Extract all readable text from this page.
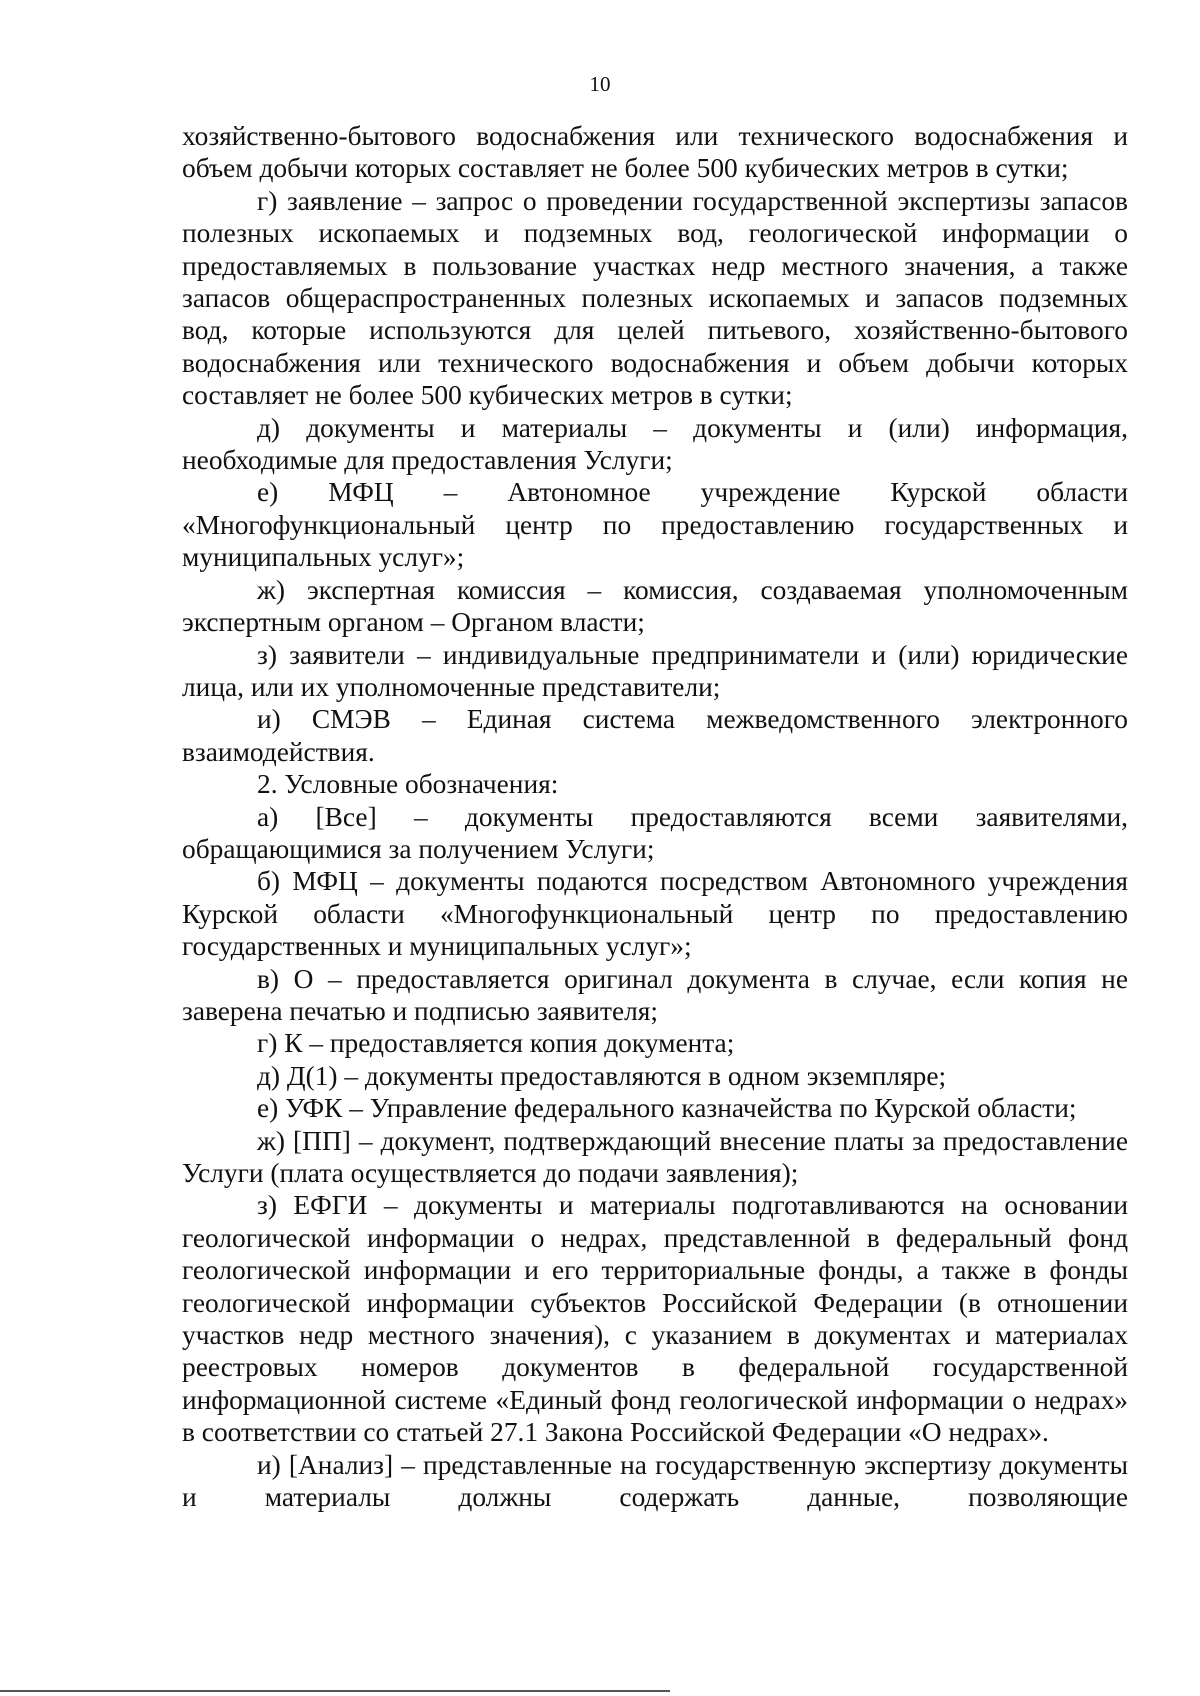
10

хозяйственно-бытового водоснабжения или технического водоснабжения и объем добычи которых составляет не более 500 кубических метров в сутки;

г) заявление – запрос о проведении государственной экспертизы запасов полезных ископаемых и подземных вод, геологической информации о предоставляемых в пользование участках недр местного значения, а также запасов общераспространенных полезных ископаемых и запасов подземных вод, которые используются для целей питьевого, хозяйственно-бытового водоснабжения или технического водоснабжения и объем добычи которых составляет не более 500 кубических метров в сутки;

д) документы и материалы – документы и (или) информация, необходимые для предоставления Услуги;

е) МФЦ – Автономное учреждение Курской области «Многофункциональный центр по предоставлению государственных и муниципальных услуг»;

ж) экспертная комиссия – комиссия, создаваемая уполномоченным экспертным органом – Органом власти;

з) заявители – индивидуальные предприниматели и (или) юридические лица, или их уполномоченные представители;

и) СМЭВ – Единая система межведомственного электронного взаимодействия.

2. Условные обозначения:

а) [Все] – документы предоставляются всеми заявителями, обращающимися за получением Услуги;

б) МФЦ – документы подаются посредством Автономного учреждения Курской области «Многофункциональный центр по предоставлению государственных и муниципальных услуг»;

в) О – предоставляется оригинал документа в случае, если копия не заверена печатью и подписью заявителя;

г) К – предоставляется копия документа;

д) Д(1) – документы предоставляются в одном экземпляре;

е) УФК – Управление федерального казначейства по Курской области;

ж) [ПП] – документ, подтверждающий внесение платы за предоставление Услуги (плата осуществляется до подачи заявления);

з) ЕФГИ – документы и материалы подготавливаются на основании геологической информации о недрах, представленной в федеральный фонд геологической информации и его территориальные фонды, а также в фонды геологической информации субъектов Российской Федерации (в отношении участков недр местного значения), с указанием в документах и материалах реестровых номеров документов в федеральной государственной информационной системе «Единый фонд геологической информации о недрах» в соответствии со статьей 27.1 Закона Российской Федерации «О недрах».

и) [Анализ] – представленные на государственную экспертизу документы и материалы должны содержать данные, позволяющие
